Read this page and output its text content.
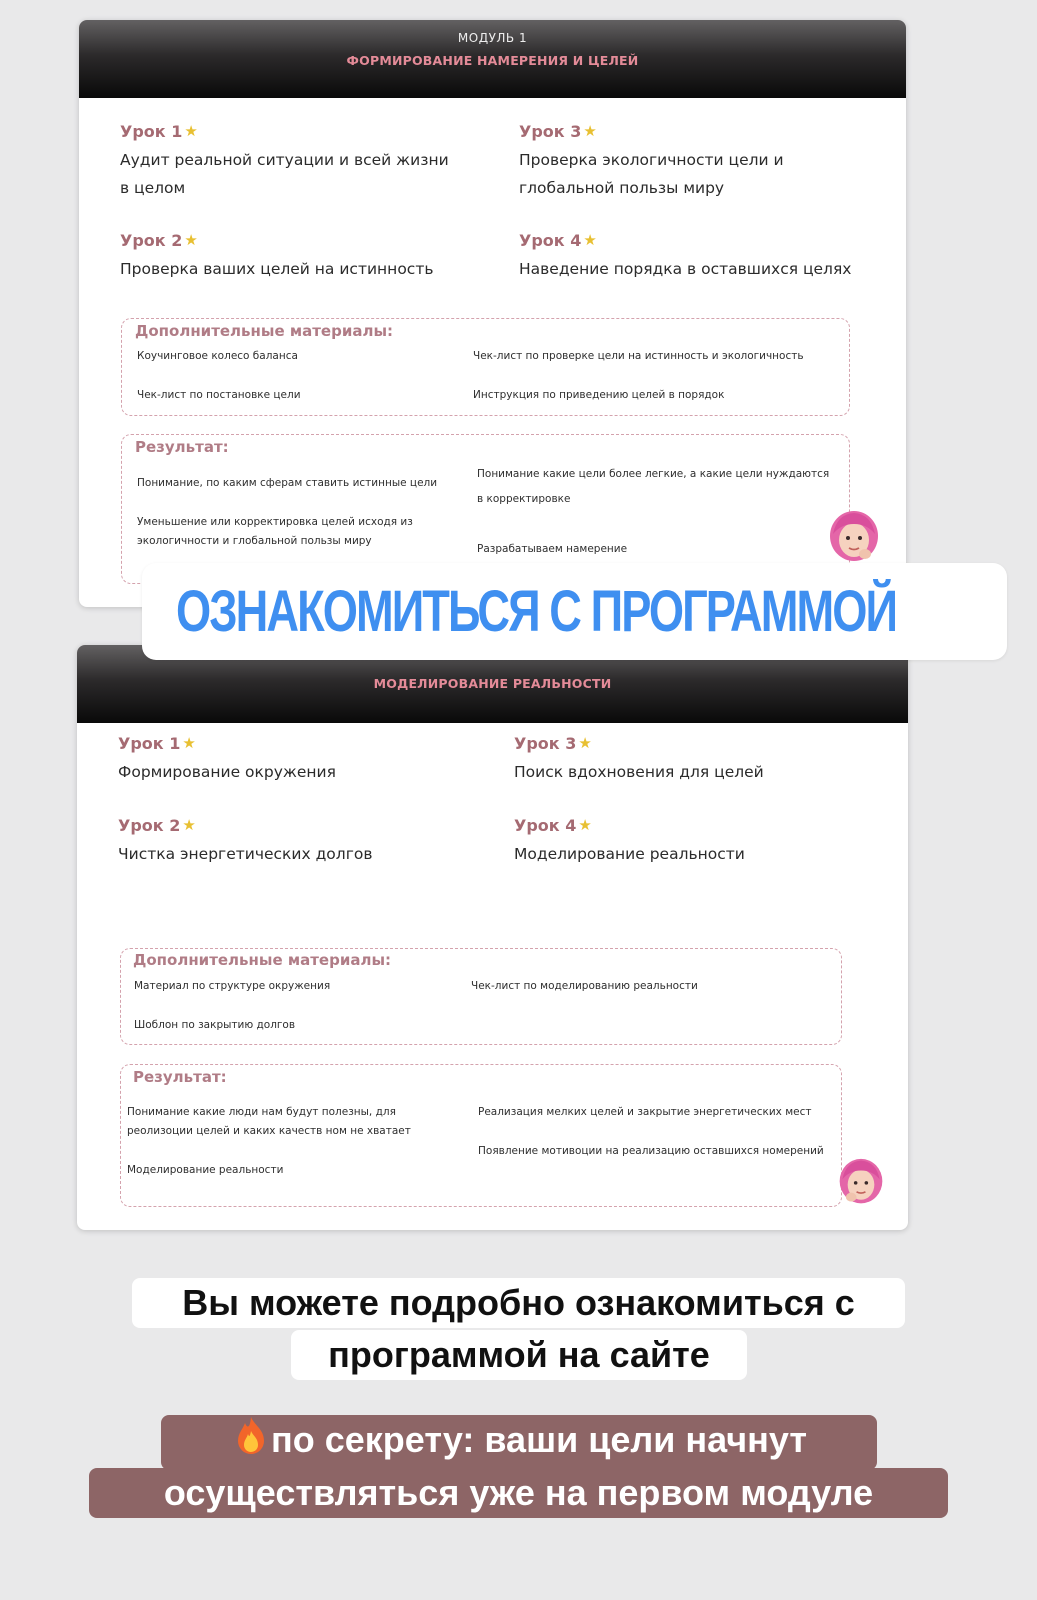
МОДУЛЬ 1
ФОРМИРОВАНИЕ НАМЕРЕНИЯ И ЦЕЛЕЙ
Урок 1 ★
Аудит реальной ситуации и всей жизни
в целом
Урок 2 ★
Проверка ваших целей на истинность
Урок 3 ★
Проверка экологичности цели и
глобальной пользы миру
Урок 4 ★
Наведение порядка в оставшихся целях
Дополнительные материалы:
Коучинговое колесо баланса
Чек-лист по постановке цели
Чек-лист по проверке цели на истинность и экологичность
Инструкция по приведению целей в порядок
Результат:
Понимание, по каким сферам ставить истинные цели
Уменьшение или корректировка целей исходя из
экологичности и глобальной пользы миру
Понимание какие цели более легкие, а какие цели нуждаются
в корректировке
Разрабатываем намерение
МОДЕЛИРОВАНИЕ РЕАЛЬНОСТИ
Урок 1 ★
Формирование окружения
Урок 2 ★
Чистка энергетических долгов
Урок 3 ★
Поиск вдохновения для целей
Урок 4 ★
Моделирование реальности
Дополнительные материалы:
Материал по структуре окружения
Шоблон по закрытию долгов
Чек-лист по моделированию реальности
Результат:
Понимание какие люди нам будут полезны, для
реолизоции целей и каких качеств ном не хватает
Моделирование реальности
Реализация мелких целей и закрытие энергетических мест
Появление мотивоции на реализацию оставшихся номерений
ОЗНАКОМИТЬСЯ С ПРОГРАММОЙ
Вы можете подробно ознакомиться с
программой на сайте
по секрету: ваши цели начнут
осуществляться уже на первом модуле
